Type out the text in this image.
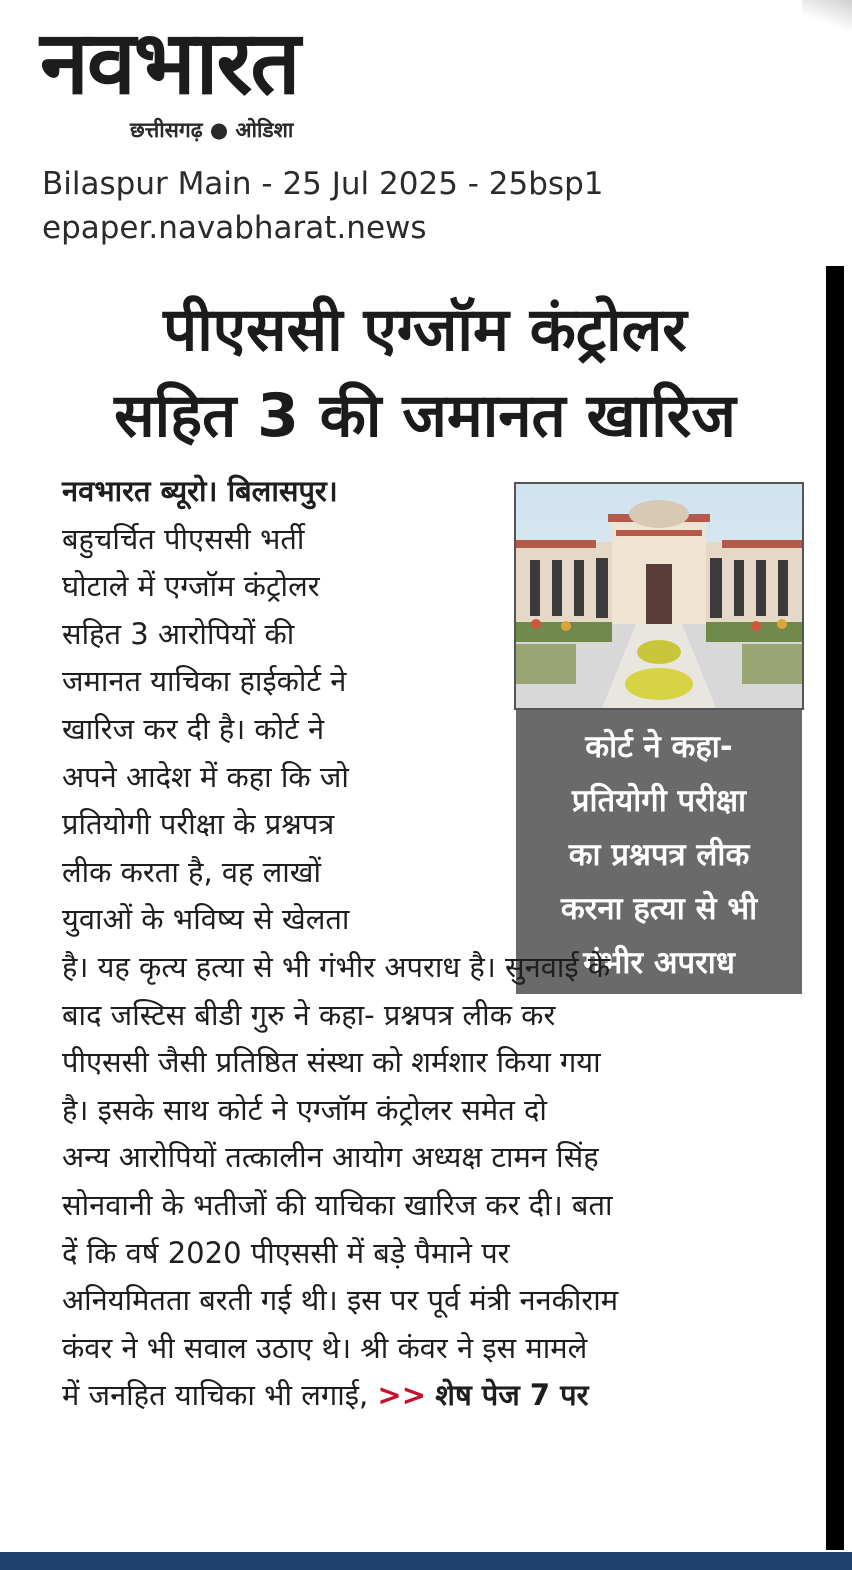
नवभारत
छत्तीसगढ़ ● ओडिशा
Bilaspur Main - 25 Jul 2025 - 25bsp1
epaper.navabharat.news
पीएससी एग्जॉम कंट्रोलर
सहित 3 की जमानत खारिज
कोर्ट ने कहा-
प्रतियोगी परीक्षा
का प्रश्नपत्र लीक
करना हत्या से भी
गंभीर अपराध
नवभारत ब्यूरो। बिलासपुर।
बहुचर्चित पीएससी भर्ती
घोटाले में एग्जॉम कंट्रोलर
सहित 3 आरोपियों की
जमानत याचिका हाईकोर्ट ने
खारिज कर दी है। कोर्ट ने
अपने आदेश में कहा कि जो
प्रतियोगी परीक्षा के प्रश्नपत्र
लीक करता है, वह लाखों
युवाओं के भविष्य से खेलता
है। यह कृत्य हत्या से भी गंभीर अपराध है। सुनवाई के
बाद जस्टिस बीडी गुरु ने कहा- प्रश्नपत्र लीक कर
पीएससी जैसी प्रतिष्ठित संस्था को शर्मशार किया गया
है। इसके साथ कोर्ट ने एग्जॉम कंट्रोलर समेत दो
अन्य आरोपियों तत्कालीन आयोग अध्यक्ष टामन सिंह
सोनवानी के भतीजों की याचिका खारिज कर दी। बता
दें कि वर्ष 2020 पीएससी में बड़े पैमाने पर
अनियमितता बरती गई थी। इस पर पूर्व मंत्री ननकीराम
कंवर ने भी सवाल उठाए थे। श्री कंवर ने इस मामले
में जनहित याचिका भी लगाई, >> शेष पेज 7 पर
